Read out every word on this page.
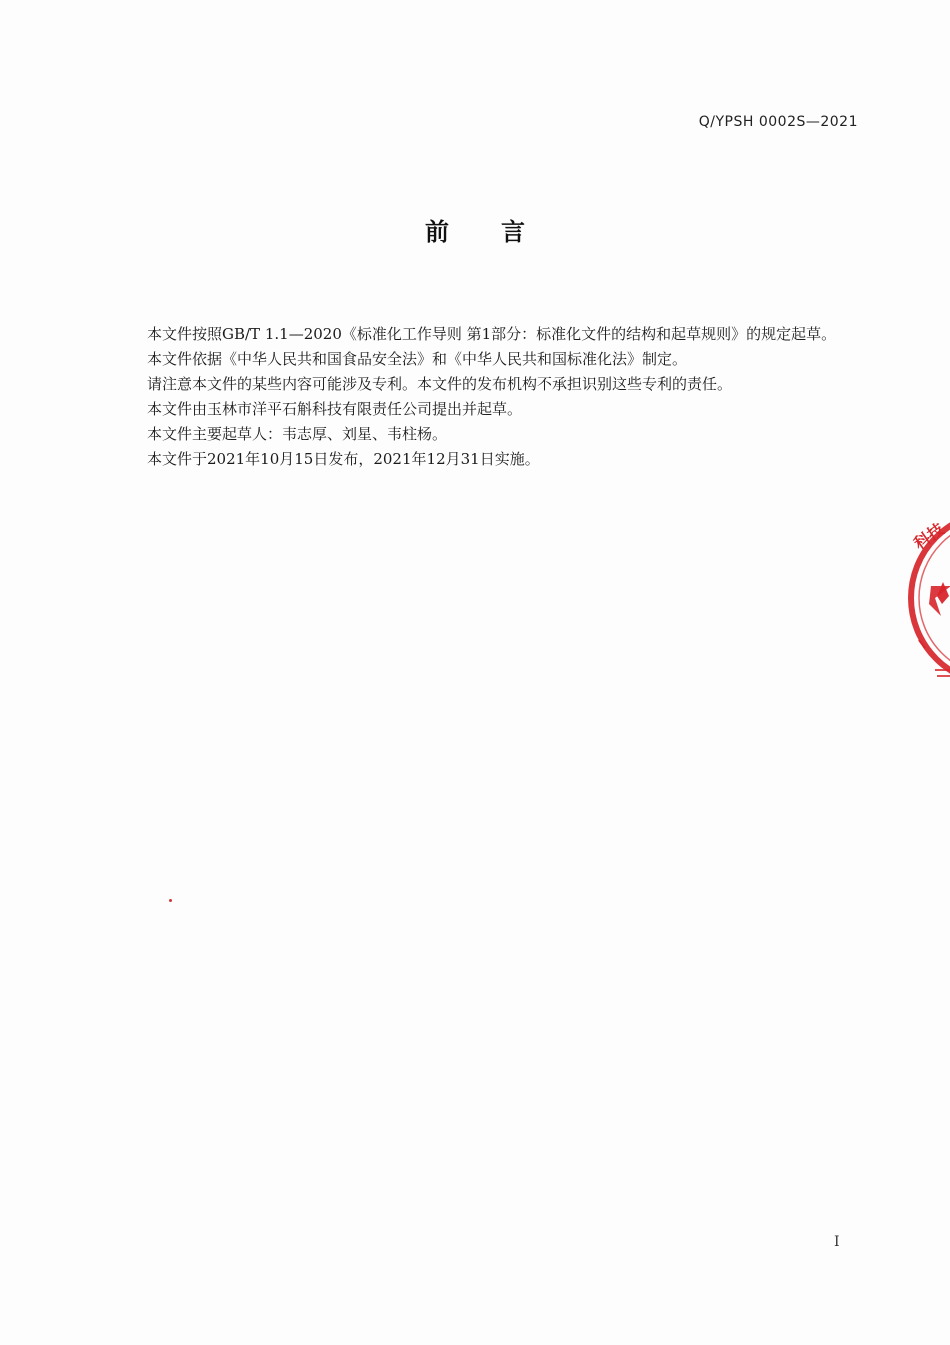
Q/YPSH 0002S—2021
前 言

本文件按照GB/T 1.1—2020《标准化工作导则 第1部分：标准化文件的结构和起草规则》的规定起草。

本文件依据《中华人民共和国食品安全法》和《中华人民共和国标准化法》制定。

请注意本文件的某些内容可能涉及专利。本文件的发布机构不承担识别这些专利的责任。

本文件由玉林市洋平石斛科技有限责任公司提出并起草。

本文件主要起草人：韦志厚、刘星、韦柱杨。

本文件于2021年10月15日发布，2021年12月31日实施。

科技
I
